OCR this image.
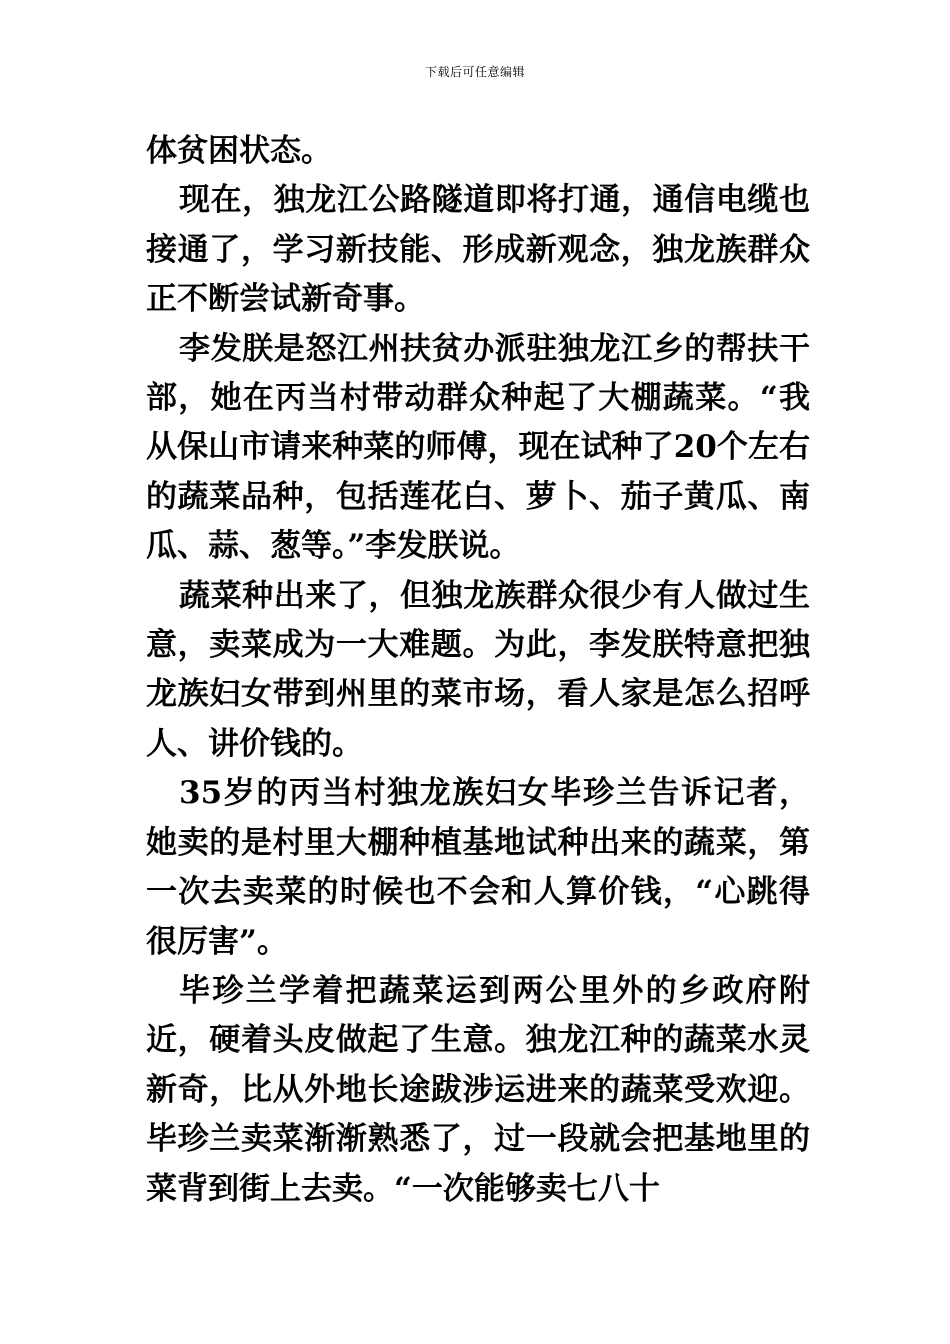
下载后可任意编辑

体贫困状态。

现在，独龙江公路隧道即将打通，通信电缆也接通了，学习新技能、形成新观念，独龙族群众正不断尝试新奇事。

李发朕是怒江州扶贫办派驻独龙江乡的帮扶干部，她在丙当村带动群众种起了大棚蔬菜。“我从保山市请来种菜的师傅，现在试种了20个左右的蔬菜品种，包括莲花白、萝卜、茄子黄瓜、南瓜、蒜、葱等。”李发朕说。

蔬菜种出来了，但独龙族群众很少有人做过生意，卖菜成为一大难题。为此，李发朕特意把独龙族妇女带到州里的菜市场，看人家是怎么招呼人、讲价钱的。

35岁的丙当村独龙族妇女毕珍兰告诉记者，她卖的是村里大棚种植基地试种出来的蔬菜，第一次去卖菜的时候也不会和人算价钱，“心跳得很厉害”。

毕珍兰学着把蔬菜运到两公里外的乡政府附近，硬着头皮做起了生意。独龙江种的蔬菜水灵新奇，比从外地长途跋涉运进来的蔬菜受欢迎。毕珍兰卖菜渐渐熟悉了，过一段就会把基地里的菜背到街上去卖。“一次能够卖七八十
